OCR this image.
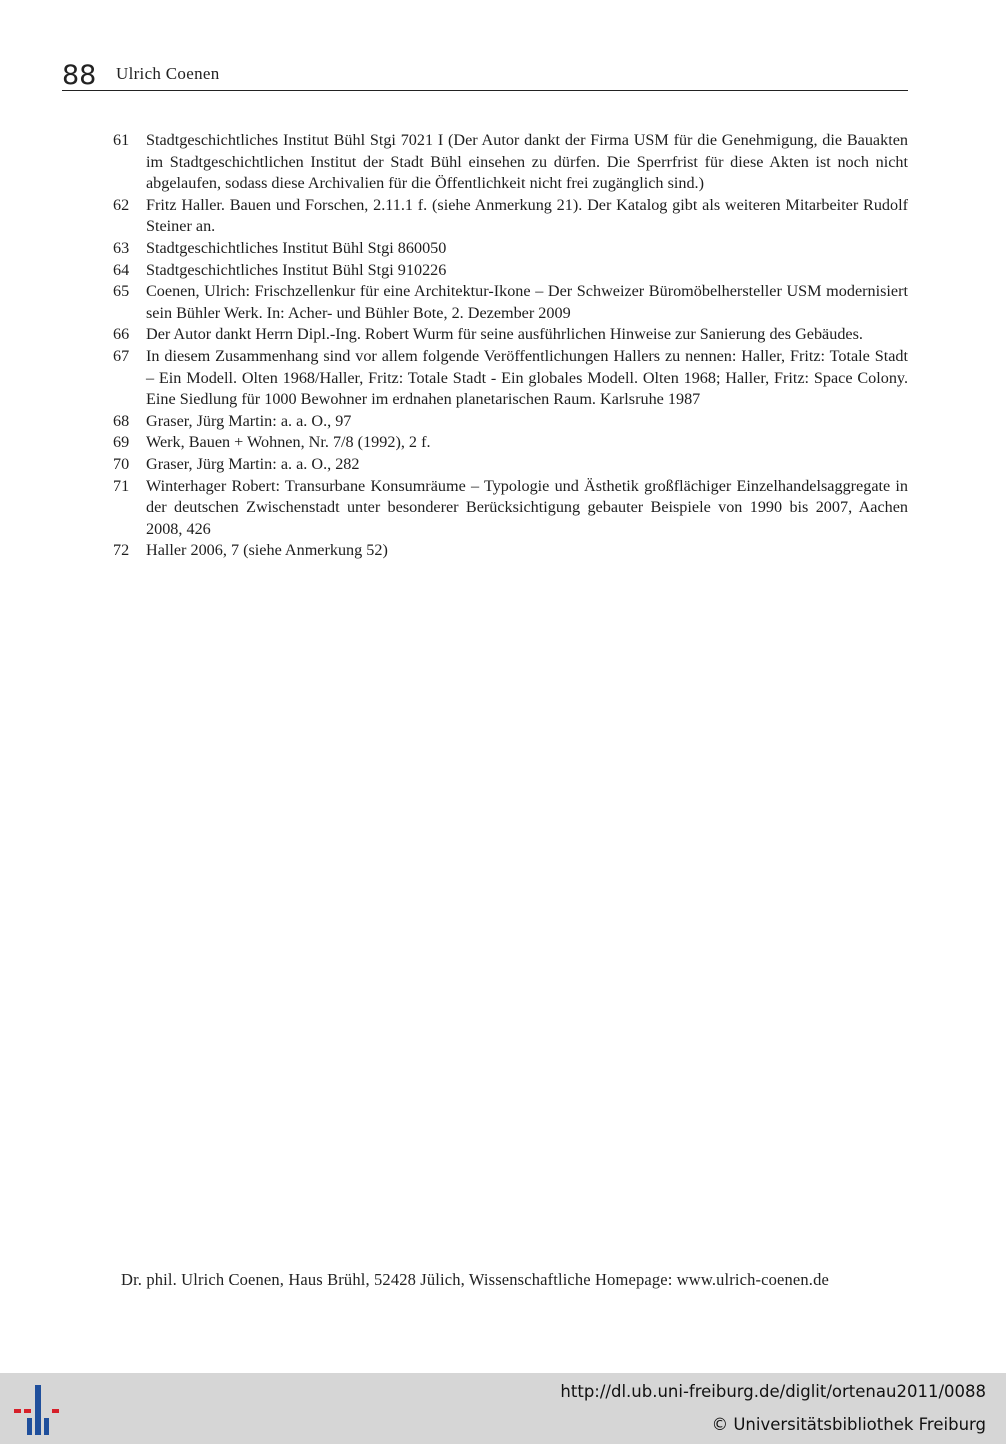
88 Ulrich Coenen
61	Stadtgeschichtliches Institut Bühl Stgi 7021 I (Der Autor dankt der Firma USM für die Genehmigung, die Bauakten im Stadtgeschichtlichen Institut der Stadt Bühl einsehen zu dürfen. Die Sperrfrist für diese Akten ist noch nicht abgelaufen, sodass diese Archivalien für die Öffentlichkeit nicht frei zugänglich sind.)
62	Fritz Haller. Bauen und Forschen, 2.11.1 f. (siehe Anmerkung 21). Der Katalog gibt als weiteren Mitarbeiter Rudolf Steiner an.
63	Stadtgeschichtliches Institut Bühl Stgi 860050
64	Stadtgeschichtliches Institut Bühl Stgi 910226
65	Coenen, Ulrich: Frischzellenkur für eine Architektur-Ikone – Der Schweizer Büromöbelhersteller USM modernisiert sein Bühler Werk. In: Acher- und Bühler Bote, 2. Dezember 2009
66	Der Autor dankt Herrn Dipl.-Ing. Robert Wurm für seine ausführlichen Hinweise zur Sanierung des Gebäudes.
67	In diesem Zusammenhang sind vor allem folgende Veröffentlichungen Hallers zu nennen: Haller, Fritz: Totale Stadt – Ein Modell. Olten 1968/Haller, Fritz: Totale Stadt - Ein globales Modell. Olten 1968; Haller, Fritz: Space Colony. Eine Siedlung für 1000 Bewohner im erdnahen planetarischen Raum. Karlsruhe 1987
68	Graser, Jürg Martin: a. a. O., 97
69	Werk, Bauen + Wohnen, Nr. 7/8 (1992), 2 f.
70	Graser, Jürg Martin: a. a. O., 282
71	Winterhager Robert: Transurbane Konsumräume – Typologie und Ästhetik großflächiger Einzelhandelsaggregate in der deutschen Zwischenstadt unter besonderer Berücksichtigung gebauter Beispiele von 1990 bis 2007, Aachen 2008, 426
72	Haller 2006, 7 (siehe Anmerkung 52)
Dr. phil. Ulrich Coenen, Haus Brühl, 52428 Jülich, Wissenschaftliche Homepage: www.ulrich-coenen.de
http://dl.ub.uni-freiburg.de/diglit/ortenau2011/0088
© Universitätsbibliothek Freiburg
